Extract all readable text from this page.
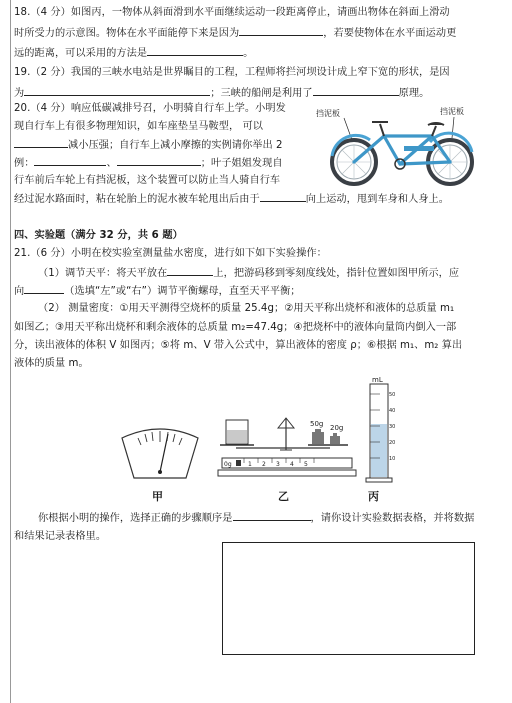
18.（4 分）如图丙，一物体从斜面滑到水平面继续运动一段距离停止，请画出物体在斜面上滑动
时所受力的示意图。物体在水平面能停下来是因为	，若要使物体在水平面运动更
远的距离，可以采用的方法是	。
19.（2 分）我国的三峡水电站是世界瞩目的工程，工程师将拦河坝设计成上窄下宽的形状，是因
为	；三峡的船闸是利用了	原理。
20.（4 分）响应低碳减排号召，小明骑自行车上学。小明发
现自行车上有很多物理知识，如车座垫呈马鞍型， 可以
减小压强；自行车上减小摩擦的实例请你举出 2
例：	、	；叶子姐姐发现自
行车前后车轮上有挡泥板，这个装置可以防止当人骑自行车
经过泥水路面时，粘在轮胎上的泥水被车轮甩出后由于	向上运动，甩到车身和人身上。
挡泥板	挡泥板
四、实验题（满分 32 分，共 6 题）
21.（6 分）小明在校实验室测量盐水密度，进行如下如下实验操作：
（1）调节天平：将天平放在	上，把游码移到零刻度线处，指针位置如图甲所示，应
向	（选填“左”或“右”）调节平衡螺母，直至天平平衡；
（2） 测量密度：①用天平测得空烧杯的质量 25.4g；②用天平称出烧杯和液体的总质量 m₁
如图乙；③用天平称出烧杯和剩余液体的总质量 m₂=47.4g；④把烧杯中的液体向量筒内倒入一部
分，读出液体的体积 V 如图丙；⑤将 m、V 带入公式中，算出液体的密度 ρ；⑥根据 m₁、m₂ 算出
液体的质量 m。
50g 20g
0g	1 2 3 4 5
mL
50
40
30
20
10
甲	乙	丙
你根据小明的操作，选择正确的步骤顺序是	，请你设计实验数据表格，并将数据
和结果记录表格里。
